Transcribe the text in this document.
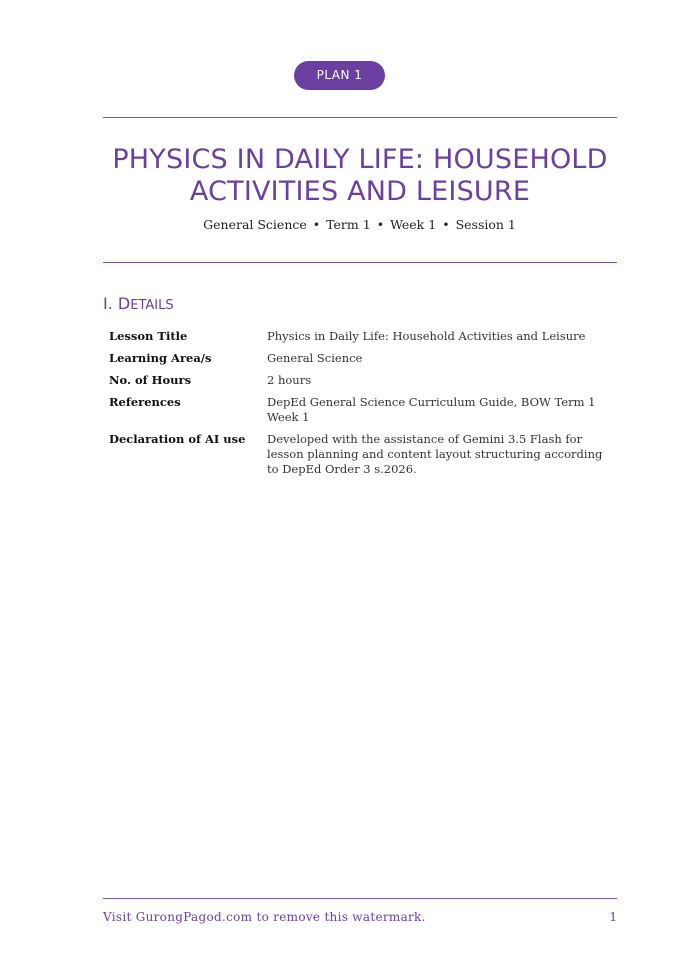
PLAN 1
PHYSICS IN DAILY LIFE: HOUSEHOLD ACTIVITIES AND LEISURE
General Science • Term 1 • Week 1 • Session 1
I. DETAILS
Lesson Title	Physics in Daily Life: Household Activities and Leisure
Learning Area/s	General Science
No. of Hours	2 hours
References	DepEd General Science Curriculum Guide, BOW Term 1 Week 1
Declaration of AI use	Developed with the assistance of Gemini 3.5 Flash for lesson planning and content layout structuring according to DepEd Order 3 s.2026.
Visit GurongPagod.com to remove this watermark.	1
